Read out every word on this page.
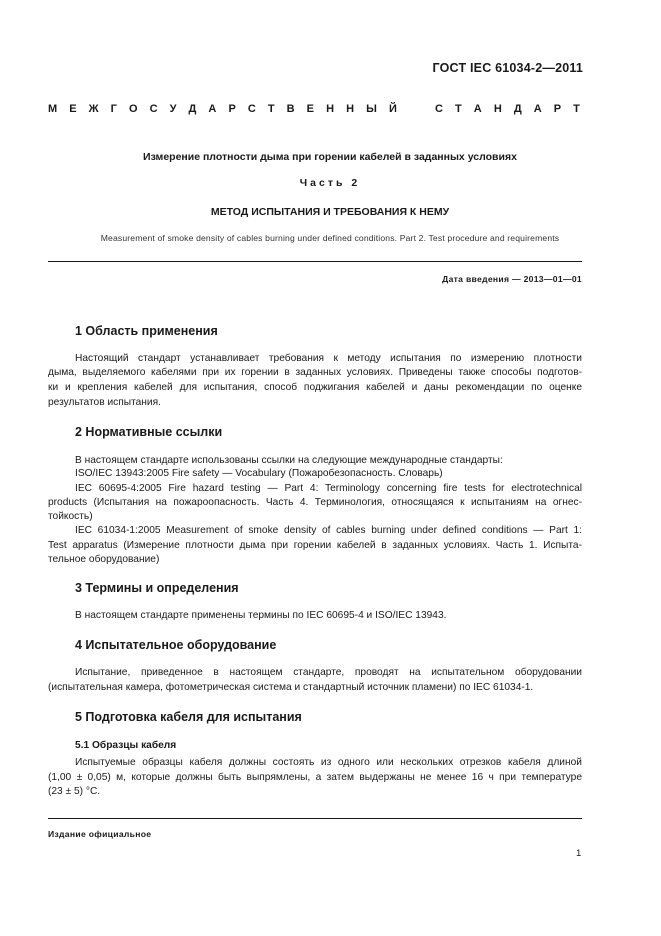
ГОСТ IEC 61034-2—2011
М Е Ж Г О С У Д А Р С Т В Е Н Н Ы Й	С Т А Н Д А Р Т
Измерение плотности дыма при горении кабелей в заданных условиях
Часть 2
МЕТОД ИСПЫТАНИЯ И ТРЕБОВАНИЯ К НЕМУ
Measurement of smoke density of cables burning under defined conditions. Part 2. Test procedure and requirements
Дата введения — 2013—01—01
1 Область применения
Настоящий стандарт устанавливает требования к методу испытания по измерению плотности
дыма, выделяемого кабелями при их горении в заданных условиях. Приведены также способы подготов-
ки и крепления кабелей для испытания, способ поджигания кабелей и даны рекомендации по оценке
результатов испытания.
2 Нормативные ссылки
В настоящем стандарте использованы ссылки на следующие международные стандарты:
ISO/IEC 13943:2005 Fire safety — Vocabulary (Пожаробезопасность. Словарь)
IEC 60695-4:2005 Fire hazard testing — Part 4: Terminology concerning fire tests for electrotechnical
products (Испытания на пожароопасность. Часть 4. Терминология, относящаяся к испытаниям на огнес-
тойкость)
IEC 61034-1:2005 Measurement of smoke density of cables burning under defined conditions — Part 1:
Test apparatus (Измерение плотности дыма при горении кабелей в заданных условиях. Часть 1. Испыта-
тельное оборудование)
3 Термины и определения
В настоящем стандарте применены термины по IEC 60695-4 и ISO/IEC 13943.
4 Испытательное оборудование
Испытание, приведенное в настоящем стандарте, проводят на испытательном оборудовании
(испытательная камера, фотометрическая система и стандартный источник пламени) по IEC 61034-1.
5 Подготовка кабеля для испытания
5.1 Образцы кабеля
Испытуемые образцы кабеля должны состоять из одного или нескольких отрезков кабеля длиной
(1,00 ± 0,05) м, которые должны быть выпрямлены, а затем выдержаны не менее 16 ч при температуре
(23 ± 5) °С.
Издание официальное
1
